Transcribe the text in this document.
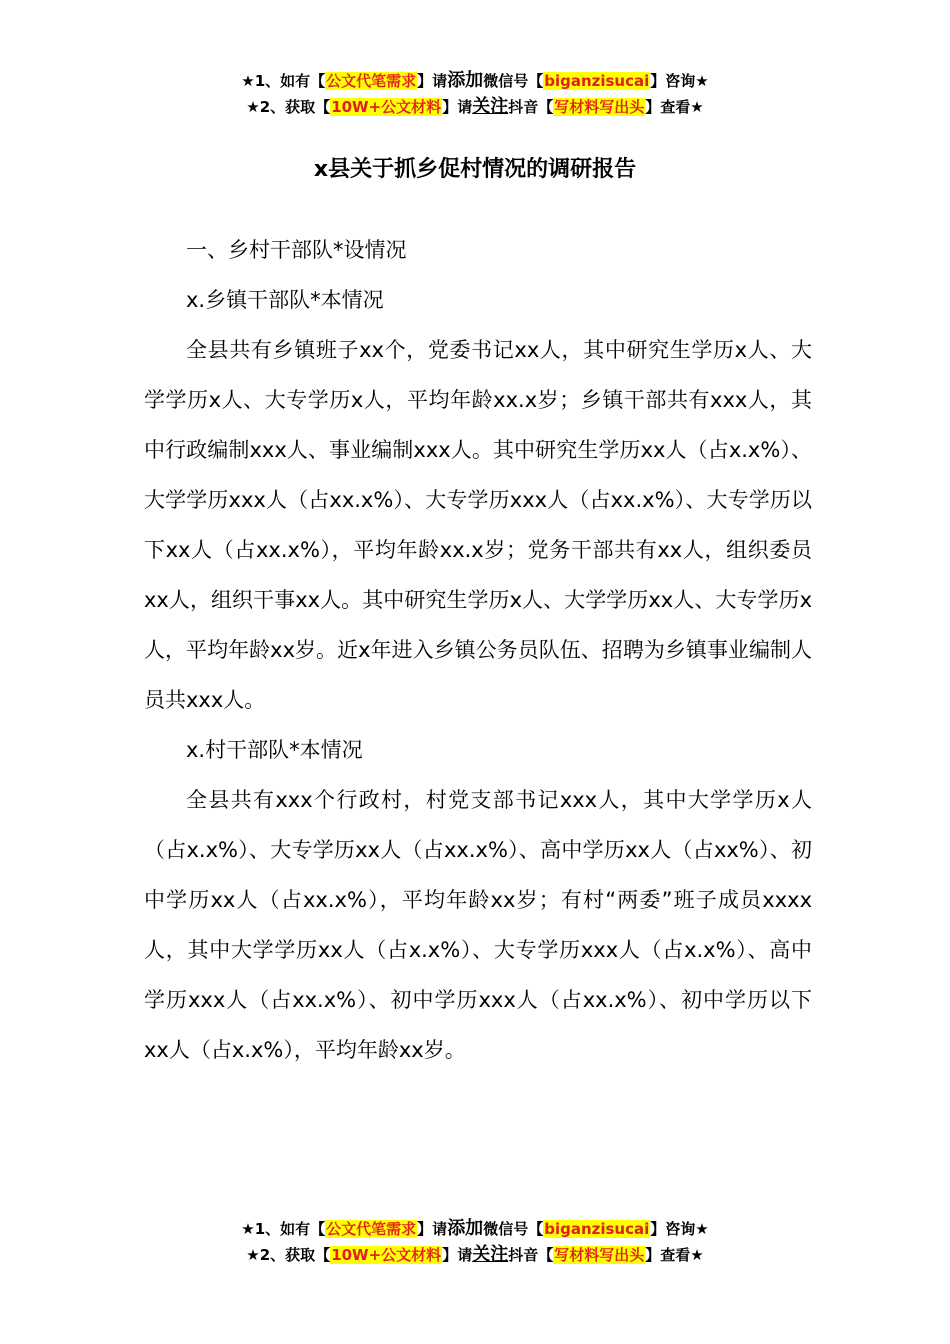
★1、如有【公文代笔需求】请添加微信号【biganzisucai】咨询★
★2、获取【10W+公文材料】请关注抖音【写材料写出头】查看★
x县关于抓乡促村情况的调研报告

一、乡村干部队*设情况

x.乡镇干部队*本情况

全县共有乡镇班子xx个，党委书记xx人，其中研究生学历x人、大学学历x人、大专学历x人，平均年龄xx.x岁；乡镇干部共有xxx人，其中行政编制xxx人、事业编制xxx人。其中研究生学历xx人（占x.x%）、大学学历xxx人（占xx.x%）、大专学历xxx人（占xx.x%）、大专学历以下xx人（占xx.x%），平均年龄xx.x岁；党务干部共有xx人，组织委员xx人，组织干事xx人。其中研究生学历x人、大学学历xx人、大专学历x人，平均年龄xx岁。近x年进入乡镇公务员队伍、招聘为乡镇事业编制人员共xxx人。

x.村干部队*本情况

全县共有xxx个行政村，村党支部书记xxx人，其中大学学历x人（占x.x%）、大专学历xx人（占xx.x%）、高中学历xx人（占xx%）、初中学历xx人（占xx.x%），平均年龄xx岁；有村“两委”班子成员xxxx人，其中大学学历xx人（占x.x%）、大专学历xxx人（占x.x%）、高中学历xxx人（占xx.x%）、初中学历xxx人（占xx.x%）、初中学历以下xx人（占x.x%），平均年龄xx岁。

★1、如有【公文代笔需求】请添加微信号【biganzisucai】咨询★
★2、获取【10W+公文材料】请关注抖音【写材料写出头】查看★
